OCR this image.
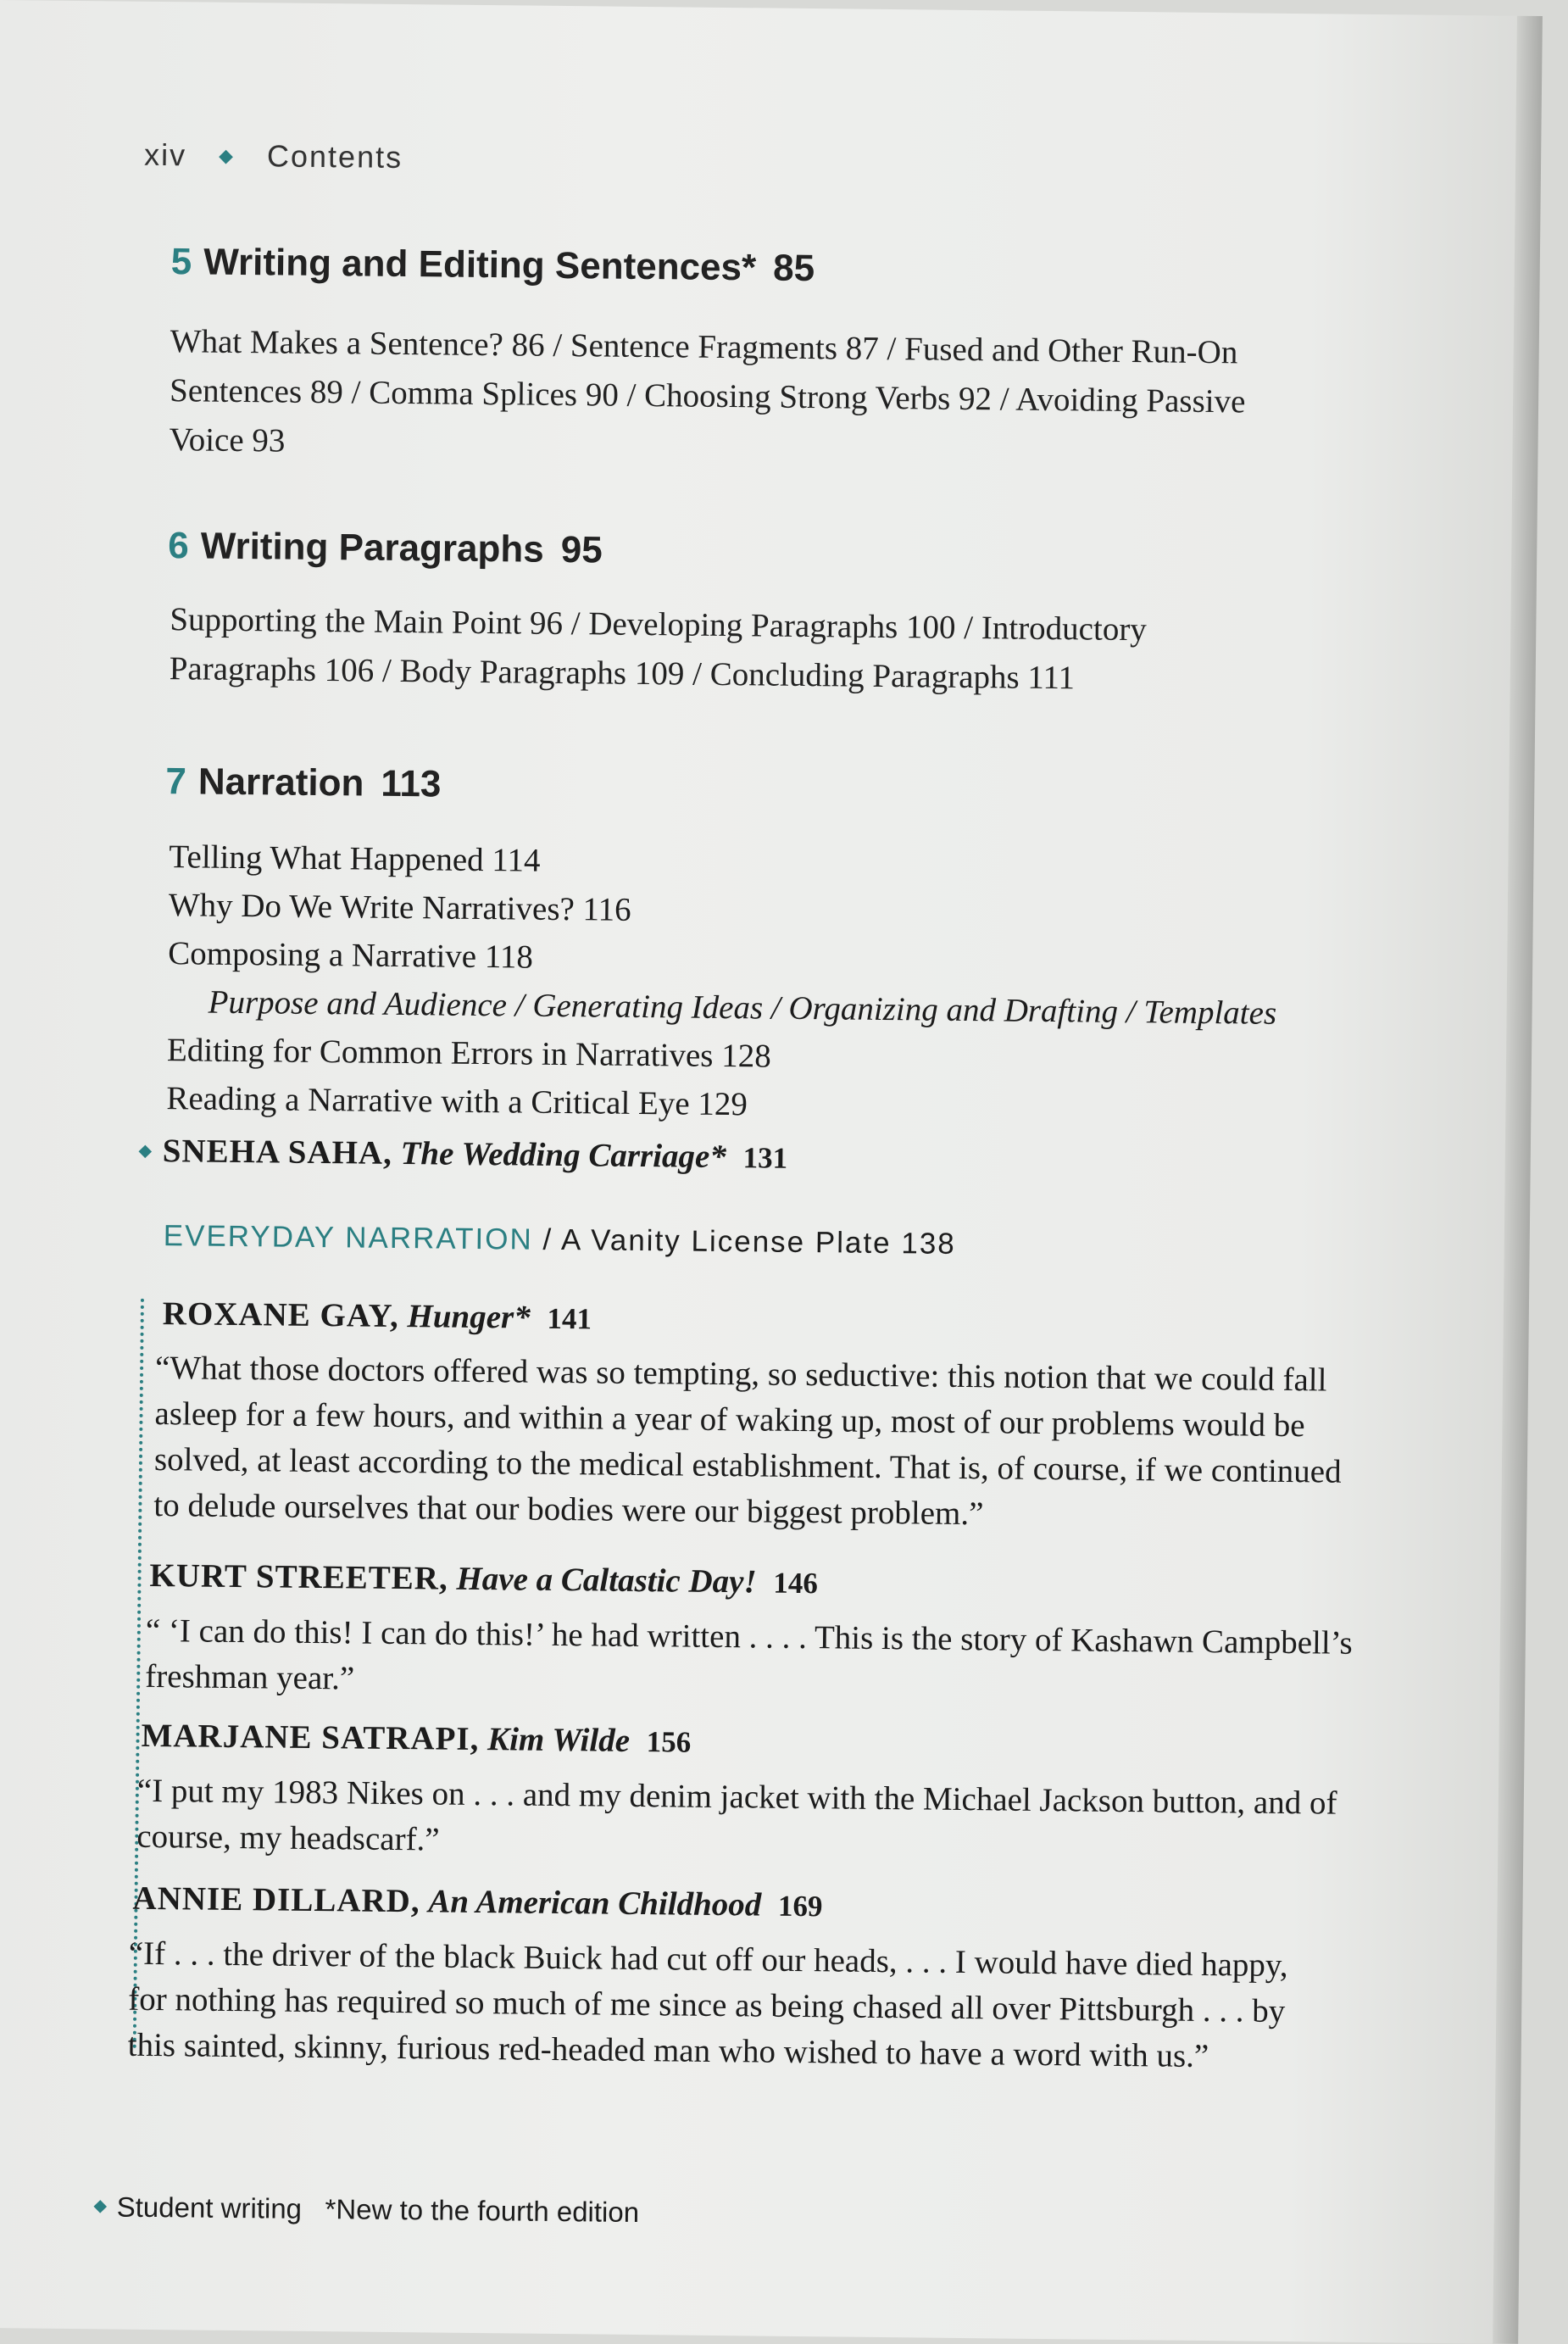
xiv ◆ Contents
5 Writing and Editing Sentences* 85
What Makes a Sentence? 86 / Sentence Fragments 87 / Fused and Other Run-On
Sentences 89 / Comma Splices 90 / Choosing Strong Verbs 92 / Avoiding Passive
Voice 93
6 Writing Paragraphs 95
Supporting the Main Point 96 / Developing Paragraphs 100 / Introductory
Paragraphs 106 / Body Paragraphs 109 / Concluding Paragraphs 111
7 Narration 113
Telling What Happened 114
Why Do We Write Narratives? 116
Composing a Narrative 118
Purpose and Audience / Generating Ideas / Organizing and Drafting / Templates
Editing for Common Errors in Narratives 128
Reading a Narrative with a Critical Eye 129
SNEHA SAHA, The Wedding Carriage* 131
EVERYDAY NARRATION / A Vanity License Plate 138
ROXANE GAY, Hunger* 141
“What those doctors offered was so tempting, so seductive: this notion that we could fall
asleep for a few hours, and within a year of waking up, most of our problems would be
solved, at least according to the medical establishment. That is, of course, if we continued
to delude ourselves that our bodies were our biggest problem.”
KURT STREETER, Have a Caltastic Day! 146
“ ‘I can do this! I can do this!’ he had written . . . . This is the story of Kashawn Campbell’s
freshman year.”
MARJANE SATRAPI, Kim Wilde 156
“I put my 1983 Nikes on . . . and my denim jacket with the Michael Jackson button, and of
course, my headscarf.”
ANNIE DILLARD, An American Childhood 169
“If . . . the driver of the black Buick had cut off our heads, . . . I would have died happy,
for nothing has required so much of me since as being chased all over Pittsburgh . . . by
this sainted, skinny, furious red-headed man who wished to have a word with us.”
Student writing *New to the fourth edition
